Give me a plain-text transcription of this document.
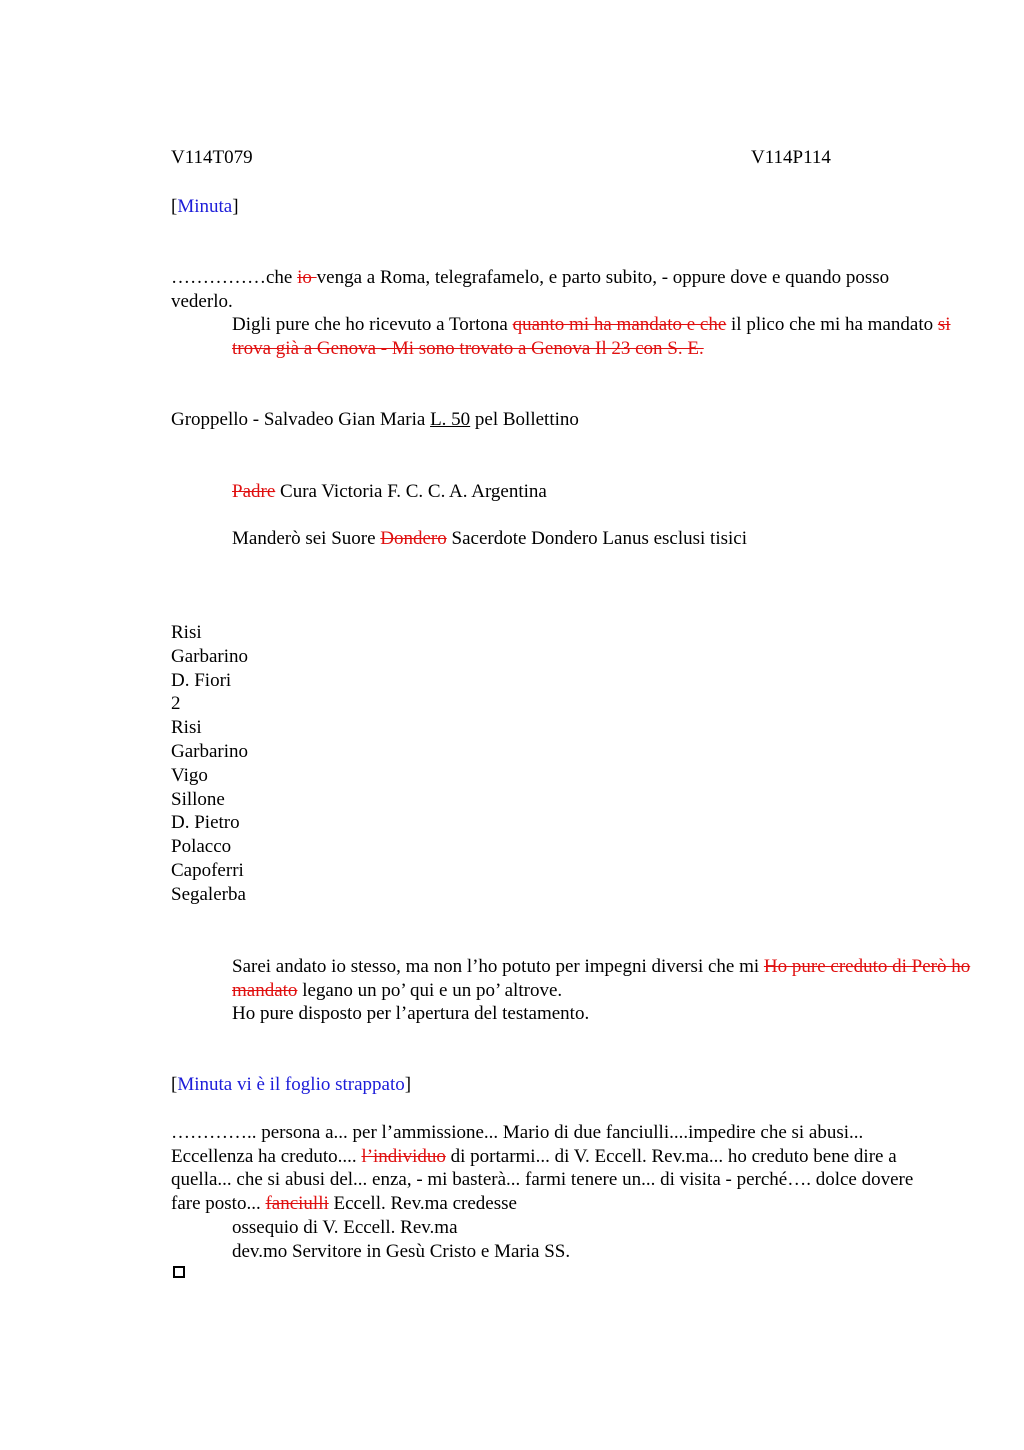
V114T079	V114P114
[Minuta]
……………che io venga a Roma, telegrafamelo, e parto subito, - oppure dove e quando posso vederlo.
Digli pure che ho ricevuto a Tortona quanto mi ha mandato e che il plico che mi ha mandato si trova già a Genova - Mi sono trovato a Genova Il 23 con S. E.
Groppello - Salvadeo Gian Maria L. 50 pel Bollettino
Padre Cura Victoria F. C. C. A. Argentina
Manderò sei Suore Dondero Sacerdote Dondero Lanus esclusi tisici
Risi
Garbarino
D. Fiori
2
Risi
Garbarino
Vigo
Sillone
D. Pietro
Polacco
Capoferri
Segalerba
Sarei andato io stesso, ma non l’ho potuto per impegni diversi che mi Ho pure creduto di Però ho mandato legano un po’ qui e un po’ altrove.
Ho pure disposto per l’apertura del testamento.
[Minuta vi è il foglio strappato]
………….. persona a... per l’ammissione... Mario di due fanciulli....impedire che si abusi... Eccellenza ha creduto.... l’individuo di portarmi... di V. Eccell. Rev.ma... ho creduto bene dire a quella... che si abusi del... enza, - mi basterà... farmi tenere un... di visita - perché…. dolce dovere fare posto... fanciulli Eccell. Rev.ma credesse
ossequio di V. Eccell. Rev.ma
dev.mo Servitore in Gesù Cristo e Maria SS.
